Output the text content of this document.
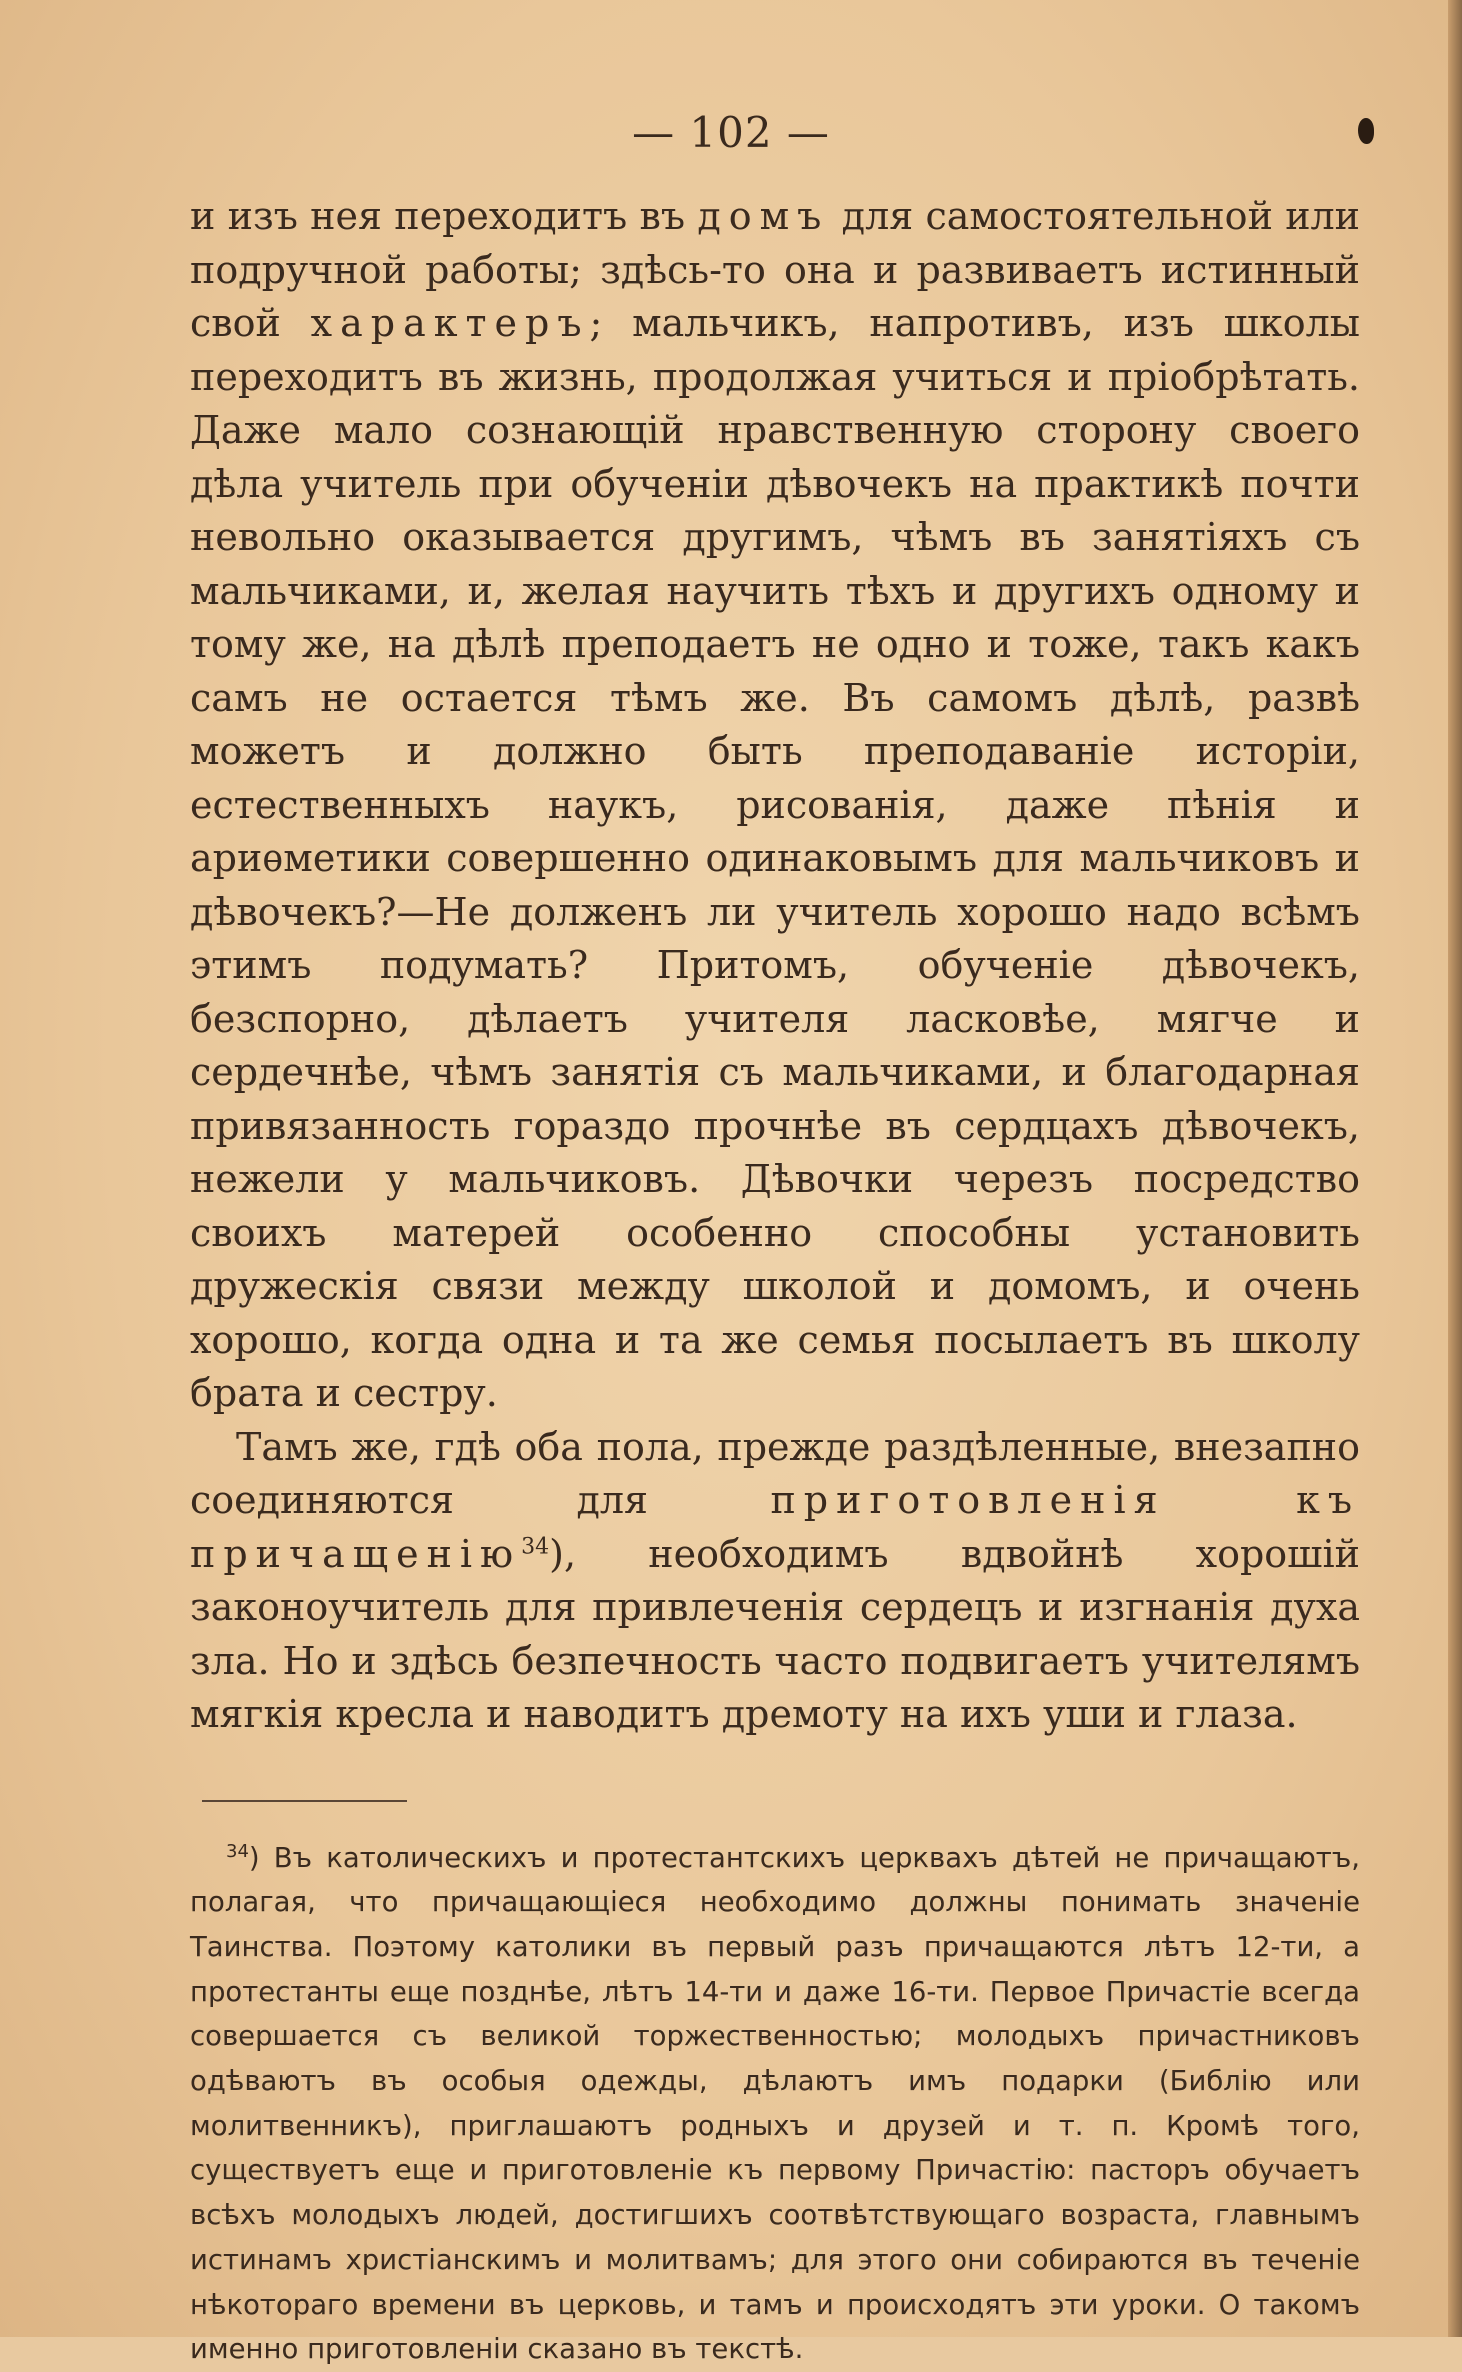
— 102 —

и изъ нея переходитъ въ домъ для самостоятельной или подручной работы; здѣсь-то она и развиваетъ истинный свой характеръ; мальчикъ, напротивъ, изъ школы переходитъ въ жизнь, продолжая учиться и пріобрѣтать. Даже мало сознающій нравственную сторону своего дѣла учитель при обученіи дѣвочекъ на практикѣ почти невольно оказывается другимъ, чѣмъ въ занятіяхъ съ мальчиками, и, желая научить тѣхъ и другихъ одному и тому же, на дѣлѣ преподаетъ не одно и тоже, такъ какъ самъ не остается тѣмъ же. Въ самомъ дѣлѣ, развѣ можетъ и должно быть преподаваніе исторіи, естественныхъ наукъ, рисованія, даже пѣнія и ариѳметики совершенно одинаковымъ для мальчиковъ и дѣвочекъ?—Не долженъ ли учитель хорошо надо всѣмъ этимъ подумать? Притомъ, обученіе дѣвочекъ, безспорно, дѣлаетъ учителя ласковѣе, мягче и сердечнѣе, чѣмъ занятія съ мальчиками, и благодарная привязанность гораздо прочнѣе въ сердцахъ дѣвочекъ, нежели у мальчиковъ. Дѣвочки черезъ посредство своихъ матерей особенно способны установить дружескія связи между школой и домомъ, и очень хорошо, когда одна и та же семья посылаетъ въ школу брата и сестру.

Тамъ же, гдѣ оба пола, прежде раздѣленные, внезапно соединяются для приготовленія къ причащенію$^{34}$), необходимъ вдвойнѣ хорошій законоучитель для привлеченія сердецъ и изгнанія духа зла. Но и здѣсь безпечность часто подвигаетъ учителямъ мягкія кресла и наводитъ дремоту на ихъ уши и глаза.

$^{34}$) Въ католическихъ и протестантскихъ церквахъ дѣтей не причащаютъ, полагая, что причащающіеся необходимо должны понимать значеніе Таинства. Поэтому католики въ первый разъ причащаются лѣтъ 12-ти, а протестанты еще позднѣе, лѣтъ 14-ти и даже 16-ти. Первое Причастіе всегда совершается съ великой торжественностью; молодыхъ причастниковъ одѣваютъ въ особыя одежды, дѣлаютъ имъ подарки (Библію или молитвенникъ), приглашаютъ родныхъ и друзей и т. п. Кромѣ того, существуетъ еще и приготовленіе къ первому Причастію: пасторъ обучаетъ всѣхъ молодыхъ людей, достигшихъ соотвѣтствующаго возраста, главнымъ истинамъ христіанскимъ и молитвамъ; для этого они собираются въ теченіе нѣкотораго времени въ церковь, и тамъ и происходятъ эти уроки. О такомъ именно приготовленіи сказано въ текстѣ.
